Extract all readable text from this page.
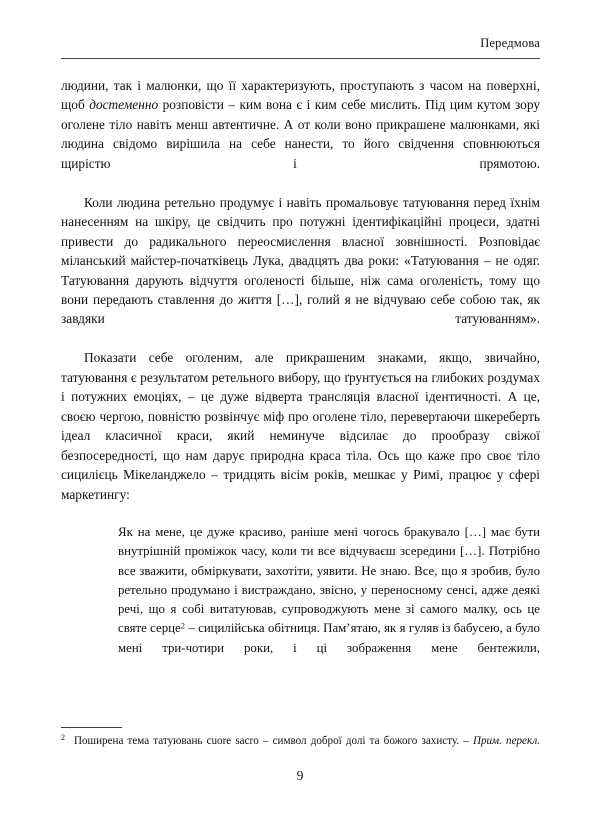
Передмова

людини, так і малюнки, що її характеризують, проступають з часом на поверхні, щоб достеменно розповісти – ким вона є і ким себе мислить. Під цим кутом зору оголене тіло навіть менш автентичне. А от коли воно прикрашене малюнками, які людина свідомо вирішила на себе нанести, то його свідчення сповнюються щирістю і прямотою.

Коли людина ретельно продумує і навіть промальовує татуювання перед їхнім нанесенням на шкіру, це свідчить про потужні ідентифікаційні процеси, здатні привести до радикального переосмислення власної зовнішності. Розповідає міланський майстер-початківець Лука, двадцять два роки: «Татуювання – не одяг. Татуювання дарують відчуття оголеності більше, ніж сама оголеність, тому що вони передають ставлення до життя […], голий я не відчуваю себе собою так, як завдяки татуюванням».

Показати себе оголеним, але прикрашеним знаками, якщо, звичайно, татуювання є результатом ретельного вибору, що ґрунтується на глибоких роздумах і потужних емоціях, – це дуже відверта трансляція власної ідентичності. А це, своєю чергою, повністю розвінчує міф про оголене тіло, перевертаючи шкереберть ідеал класичної краси, який неминуче відсилає до прообразу свіжої безпосередності, що нам дарує природна краса тіла. Ось що каже про своє тіло сицилієць Мікеланджело – тридцять вісім років, мешкає у Римі, працює у сфері маркетингу:

Як на мене, це дуже красиво, раніше мені чогось бракувало […] має бути внутрішній проміжок часу, коли ти все відчуваєш зсередини […]. Потрібно все зважити, обміркувати, захотіти, уявити. Не знаю. Все, що я зробив, було ретельно продумано і вистраждано, звісно, у переносному сенсі, адже деякі речі, що я собі витатуював, супроводжують мене зі самого малку, ось це святе серце$^2$ – сицилійська обітниця. Пам’ятаю, як я гуляв із бабусею, а було мені три-чотири роки, і ці зображення мене бентежили,

$^2$ Поширена тема татуювань cuore sacro – символ доброї долі та божого захисту. – Прим. перекл.

9
